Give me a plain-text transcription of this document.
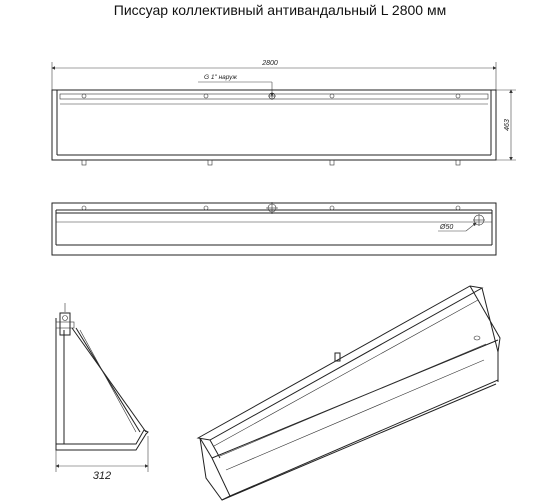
Писсуар коллективный антивандальный L 2800 мм
2800
G 1" наруж
463
Ø50
312
